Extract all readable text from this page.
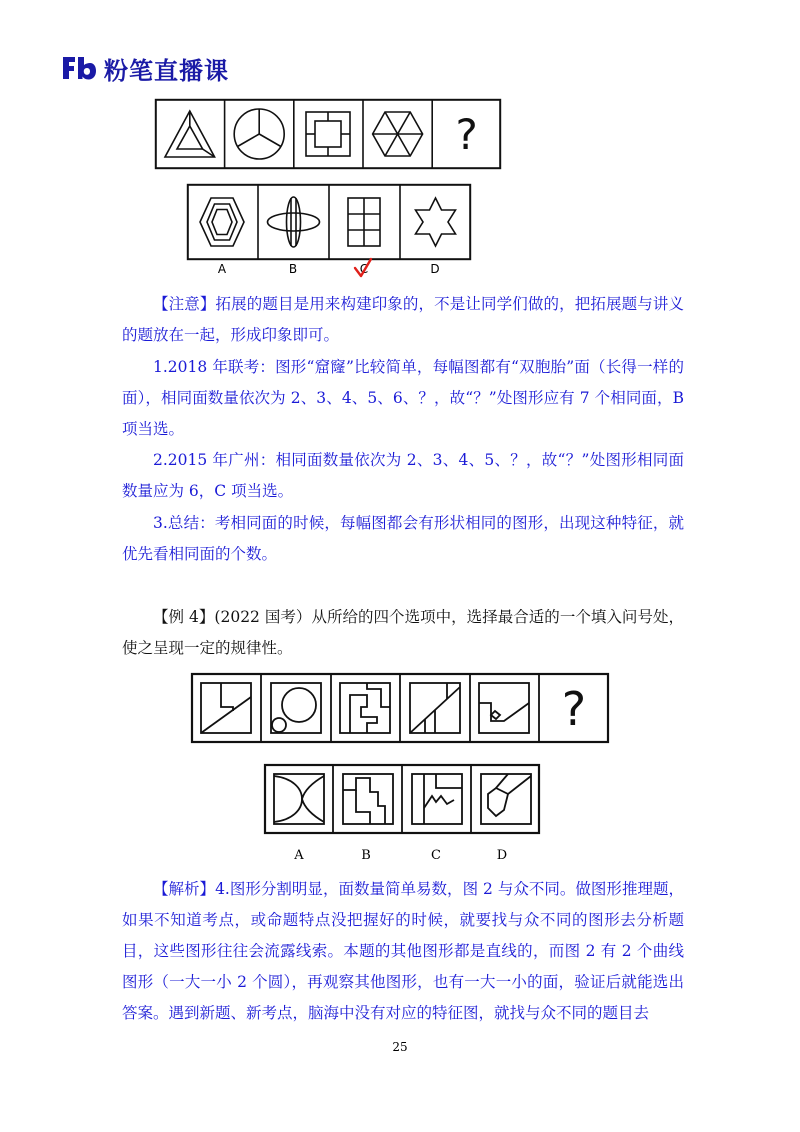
粉笔直播课
?
A	B	C	D
【注意】拓展的题目是用来构建印象的，不是让同学们做的，把拓展题与讲义的题放在一起，形成印象即可。
1.2018 年联考：图形“窟窿”比较简单，每幅图都有“双胞胎”面（长得一样的面），相同面数量依次为 2、3、4、5、6、？，故“？”处图形应有 7 个相同面，B 项当选。
2.2015 年广州：相同面数量依次为 2、3、4、5、？，故“？”处图形相同面数量应为 6，C 项当选。
3.总结：考相同面的时候，每幅图都会有形状相同的图形，出现这种特征，就优先看相同面的个数。
【例 4】(2022 国考）从所给的四个选项中，选择最合适的一个填入问号处，使之呈现一定的规律性。
?
A	B	C	D
【解析】4.图形分割明显，面数量简单易数，图 2 与众不同。做图形推理题，如果不知道考点，或命题特点没把握好的时候，就要找与众不同的图形去分析题目，这些图形往往会流露线索。本题的其他图形都是直线的，而图 2 有 2 个曲线图形（一大一小 2 个圆），再观察其他图形，也有一大一小的面，验证后就能选出答案。遇到新题、新考点，脑海中没有对应的特征图，就找与众不同的题目去
25
